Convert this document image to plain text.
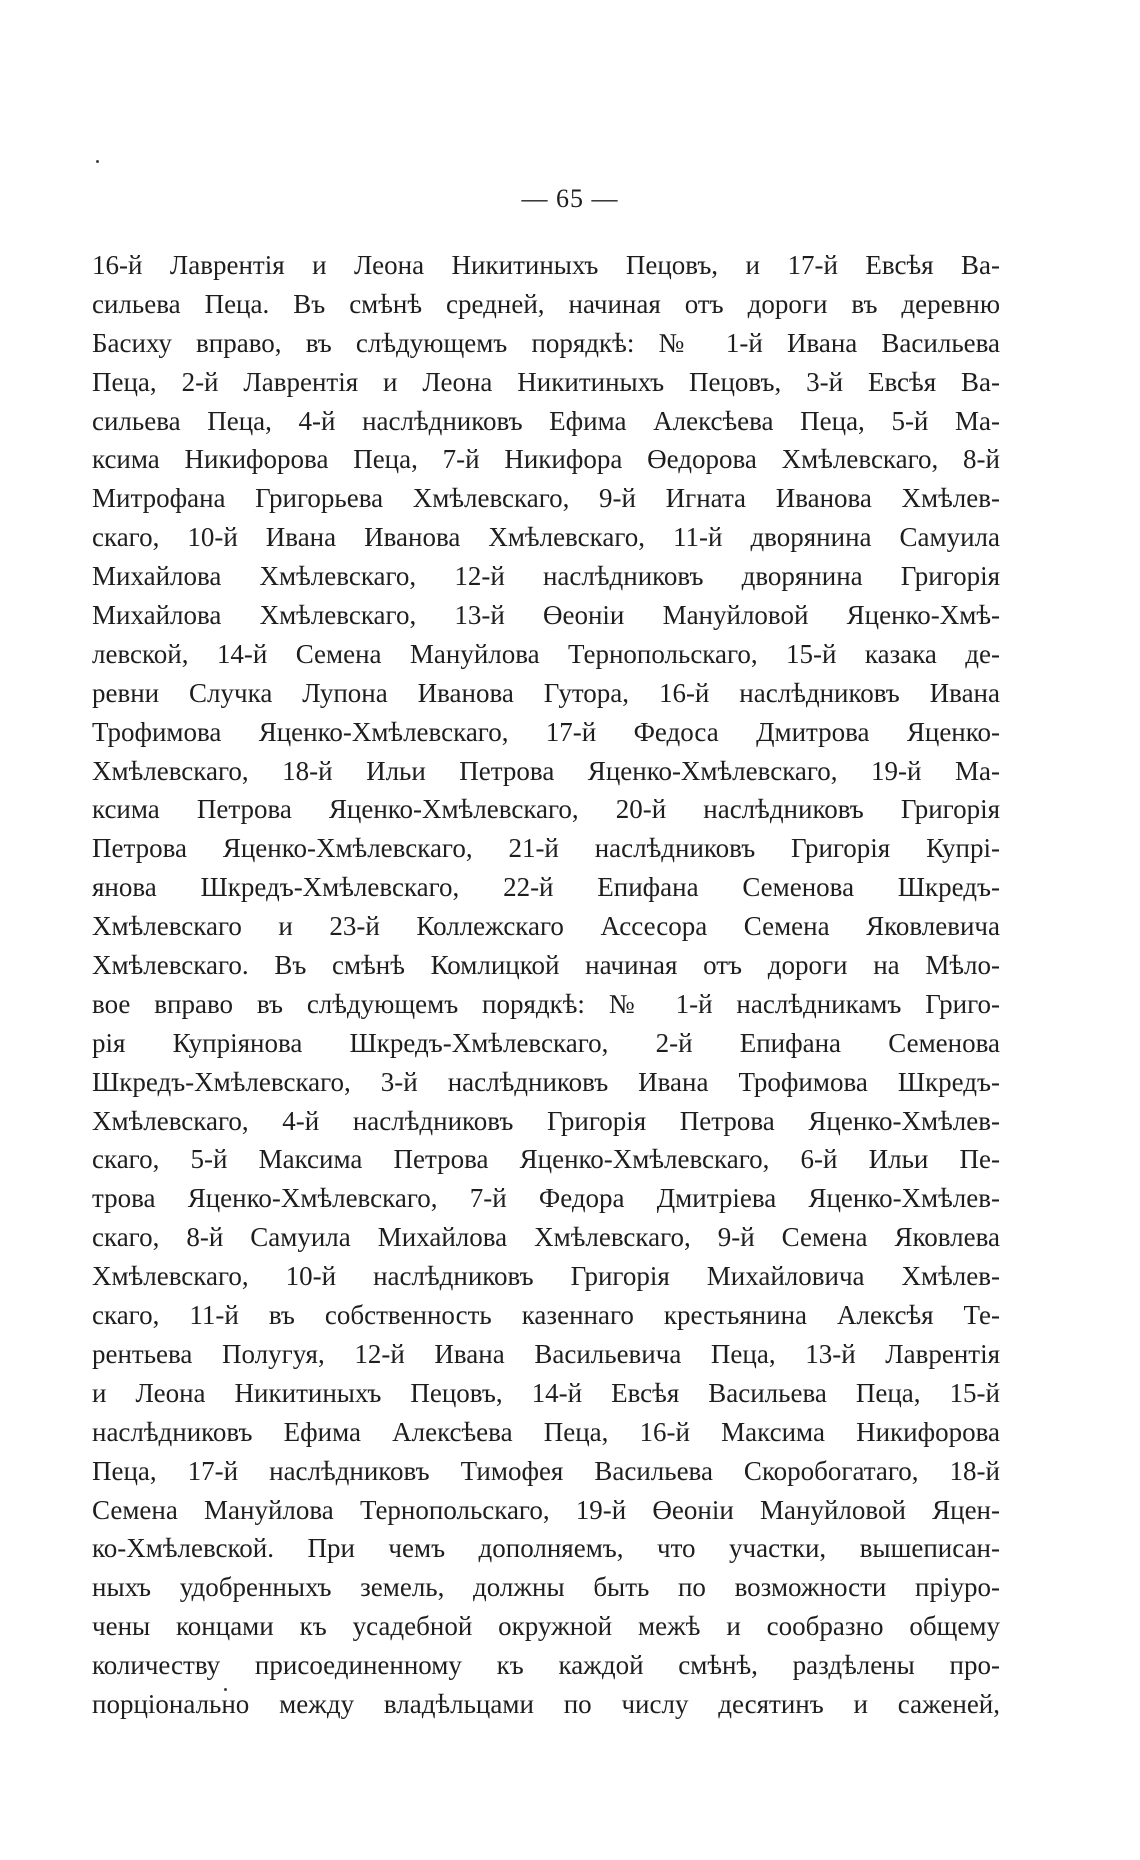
— 65 —
16-й Лаврентія и Леона Никитиныхъ Пецовъ, и 17-й Евсѣя Ва-
сильева Пеца. Въ смѣнѣ средней, начиная отъ дороги въ деревню
Басиху вправо, въ слѣдующемъ порядкѣ: № 1-й Ивана Васильева
Пеца, 2-й Лаврентія и Леона Никитиныхъ Пецовъ, 3-й Евсѣя Ва-
сильева Пеца, 4-й наслѣдниковъ Ефима Алексѣева Пеца, 5-й Ма-
ксима Никифорова Пеца, 7-й Никифора Өедорова Хмѣлевскаго, 8-й
Митрофана Григорьева Хмѣлевскаго, 9-й Игната Иванова Хмѣлев-
скаго, 10-й Ивана Иванова Хмѣлевскаго, 11-й дворянина Самуила
Михайлова Хмѣлевскаго, 12-й наслѣдниковъ дворянина Григорія
Михайлова Хмѣлевскаго, 13-й Өеоніи Мануйловой Яценко-Хмѣ-
левской, 14-й Семена Мануйлова Тернопольскаго, 15-й казака де-
ревни Случка Лупона Иванова Гутора, 16-й наслѣдниковъ Ивана
Трофимова Яценко-Хмѣлевскаго, 17-й Федоса Дмитрова Яценко-
Хмѣлевскаго, 18-й Ильи Петрова Яценко-Хмѣлевскаго, 19-й Ма-
ксима Петрова Яценко-Хмѣлевскаго, 20-й наслѣдниковъ Григорія
Петрова Яценко-Хмѣлевскаго, 21-й наслѣдниковъ Григорія Купрі-
янова Шкредъ-Хмѣлевскаго, 22-й Епифана Семенова Шкредъ-
Хмѣлевскаго и 23-й Коллежскаго Ассесора Семена Яковлевича
Хмѣлевскаго. Въ смѣнѣ Комлицкой начиная отъ дороги на Мѣло-
вое вправо въ слѣдующемъ порядкѣ: № 1-й наслѣдникамъ Григо-
рія Купріянова Шкредъ-Хмѣлевскаго, 2-й Епифана Семенова
Шкредъ-Хмѣлевскаго, 3-й наслѣдниковъ Ивана Трофимова Шкредъ-
Хмѣлевскаго, 4-й наслѣдниковъ Григорія Петрова Яценко-Хмѣлев-
скаго, 5-й Максима Петрова Яценко-Хмѣлевскаго, 6-й Ильи Пе-
трова Яценко-Хмѣлевскаго, 7-й Федора Дмитріева Яценко-Хмѣлев-
скаго, 8-й Самуила Михайлова Хмѣлевскаго, 9-й Семена Яковлева
Хмѣлевскаго, 10-й наслѣдниковъ Григорія Михайловича Хмѣлев-
скаго, 11-й въ собственность казеннаго крестьянина Алексѣя Те-
рентьева Полугуя, 12-й Ивана Васильевича Пеца, 13-й Лаврентія
и Леона Никитиныхъ Пецовъ, 14-й Евсѣя Васильева Пеца, 15-й
наслѣдниковъ Ефима Алексѣева Пеца, 16-й Максима Никифорова
Пеца, 17-й наслѣдниковъ Тимофея Васильева Скоробогатаго, 18-й
Семена Мануйлова Тернопольскаго, 19-й Өеоніи Мануйловой Яцен-
ко-Хмѣлевской. При чемъ дополняемъ, что участки, вышеписан-
ныхъ удобренныхъ земель, должны быть по возможности пріуро-
чены концами къ усадебной окружной межѣ и сообразно общему
количеству присоединенному къ каждой смѣнѣ, раздѣлены про-
порціонально между владѣльцами по числу десятинъ и саженей,
